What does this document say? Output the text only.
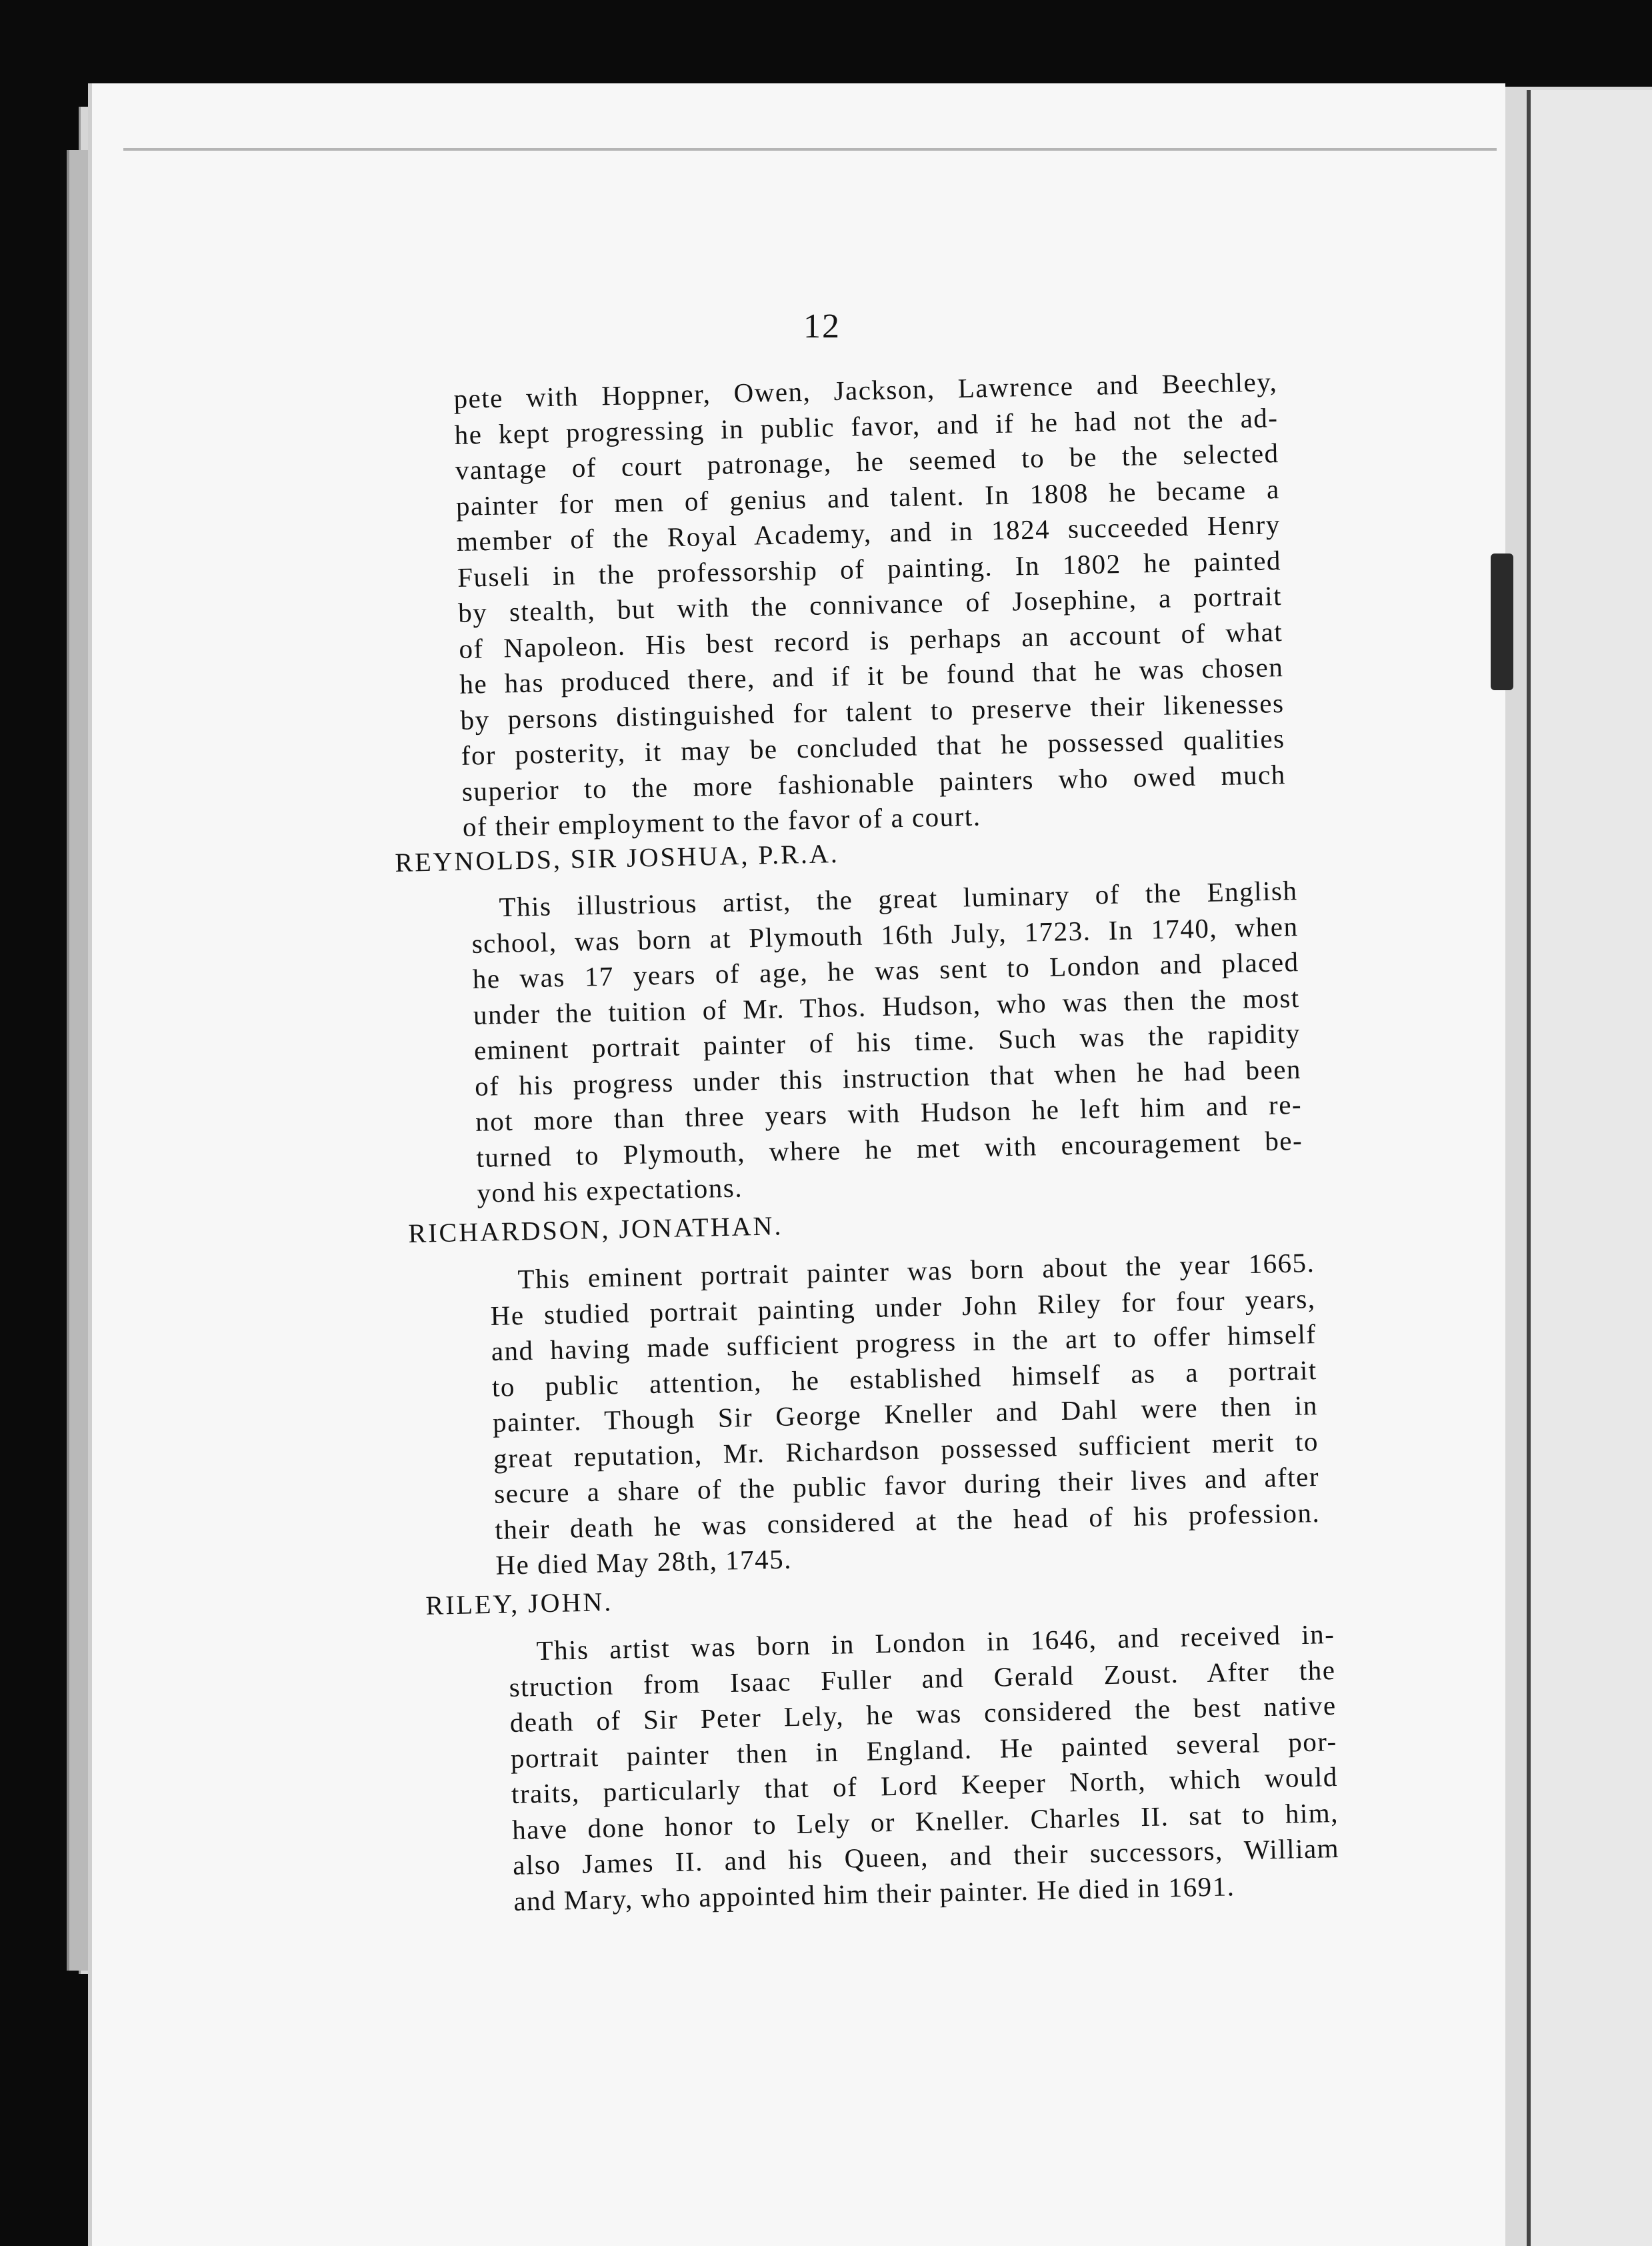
12

pete with Hoppner, Owen, Jackson, Lawrence and Beechley,

he kept progressing in public favor, and if he had not the ad-

vantage of court patronage, he seemed to be the selected

painter for men of genius and talent. In 1808 he became a

member of the Royal Academy, and in 1824 succeeded Henry

Fuseli in the professorship of painting. In 1802 he painted

by stealth, but with the connivance of Josephine, a portrait

of Napoleon. His best record is perhaps an account of what

he has produced there, and if it be found that he was chosen

by persons distinguished for talent to preserve their likenesses

for posterity, it may be concluded that he possessed qualities

superior to the more fashionable painters who owed much

of their employment to the favor of a court.

REYNOLDS, SIR JOSHUA, P.R.A.

This illustrious artist, the great luminary of the English

school, was born at Plymouth 16th July, 1723. In 1740, when

he was 17 years of age, he was sent to London and placed

under the tuition of Mr. Thos. Hudson, who was then the most

eminent portrait painter of his time. Such was the rapidity

of his progress under this instruction that when he had been

not more than three years with Hudson he left him and re-

turned to Plymouth, where he met with encouragement be-

yond his expectations.

RICHARDSON, JONATHAN.

This eminent portrait painter was born about the year 1665.

He studied portrait painting under John Riley for four years,

and having made sufficient progress in the art to offer himself

to public attention, he established himself as a portrait

painter. Though Sir George Kneller and Dahl were then in

great reputation, Mr. Richardson possessed sufficient merit to

secure a share of the public favor during their lives and after

their death he was considered at the head of his profession.

He died May 28th, 1745.

RILEY, JOHN.

This artist was born in London in 1646, and received in-

struction from Isaac Fuller and Gerald Zoust. After the

death of Sir Peter Lely, he was considered the best native

portrait painter then in England. He painted several por-

traits, particularly that of Lord Keeper North, which would

have done honor to Lely or Kneller. Charles II. sat to him,

also James II. and his Queen, and their successors, William

and Mary, who appointed him their painter. He died in 1691.
